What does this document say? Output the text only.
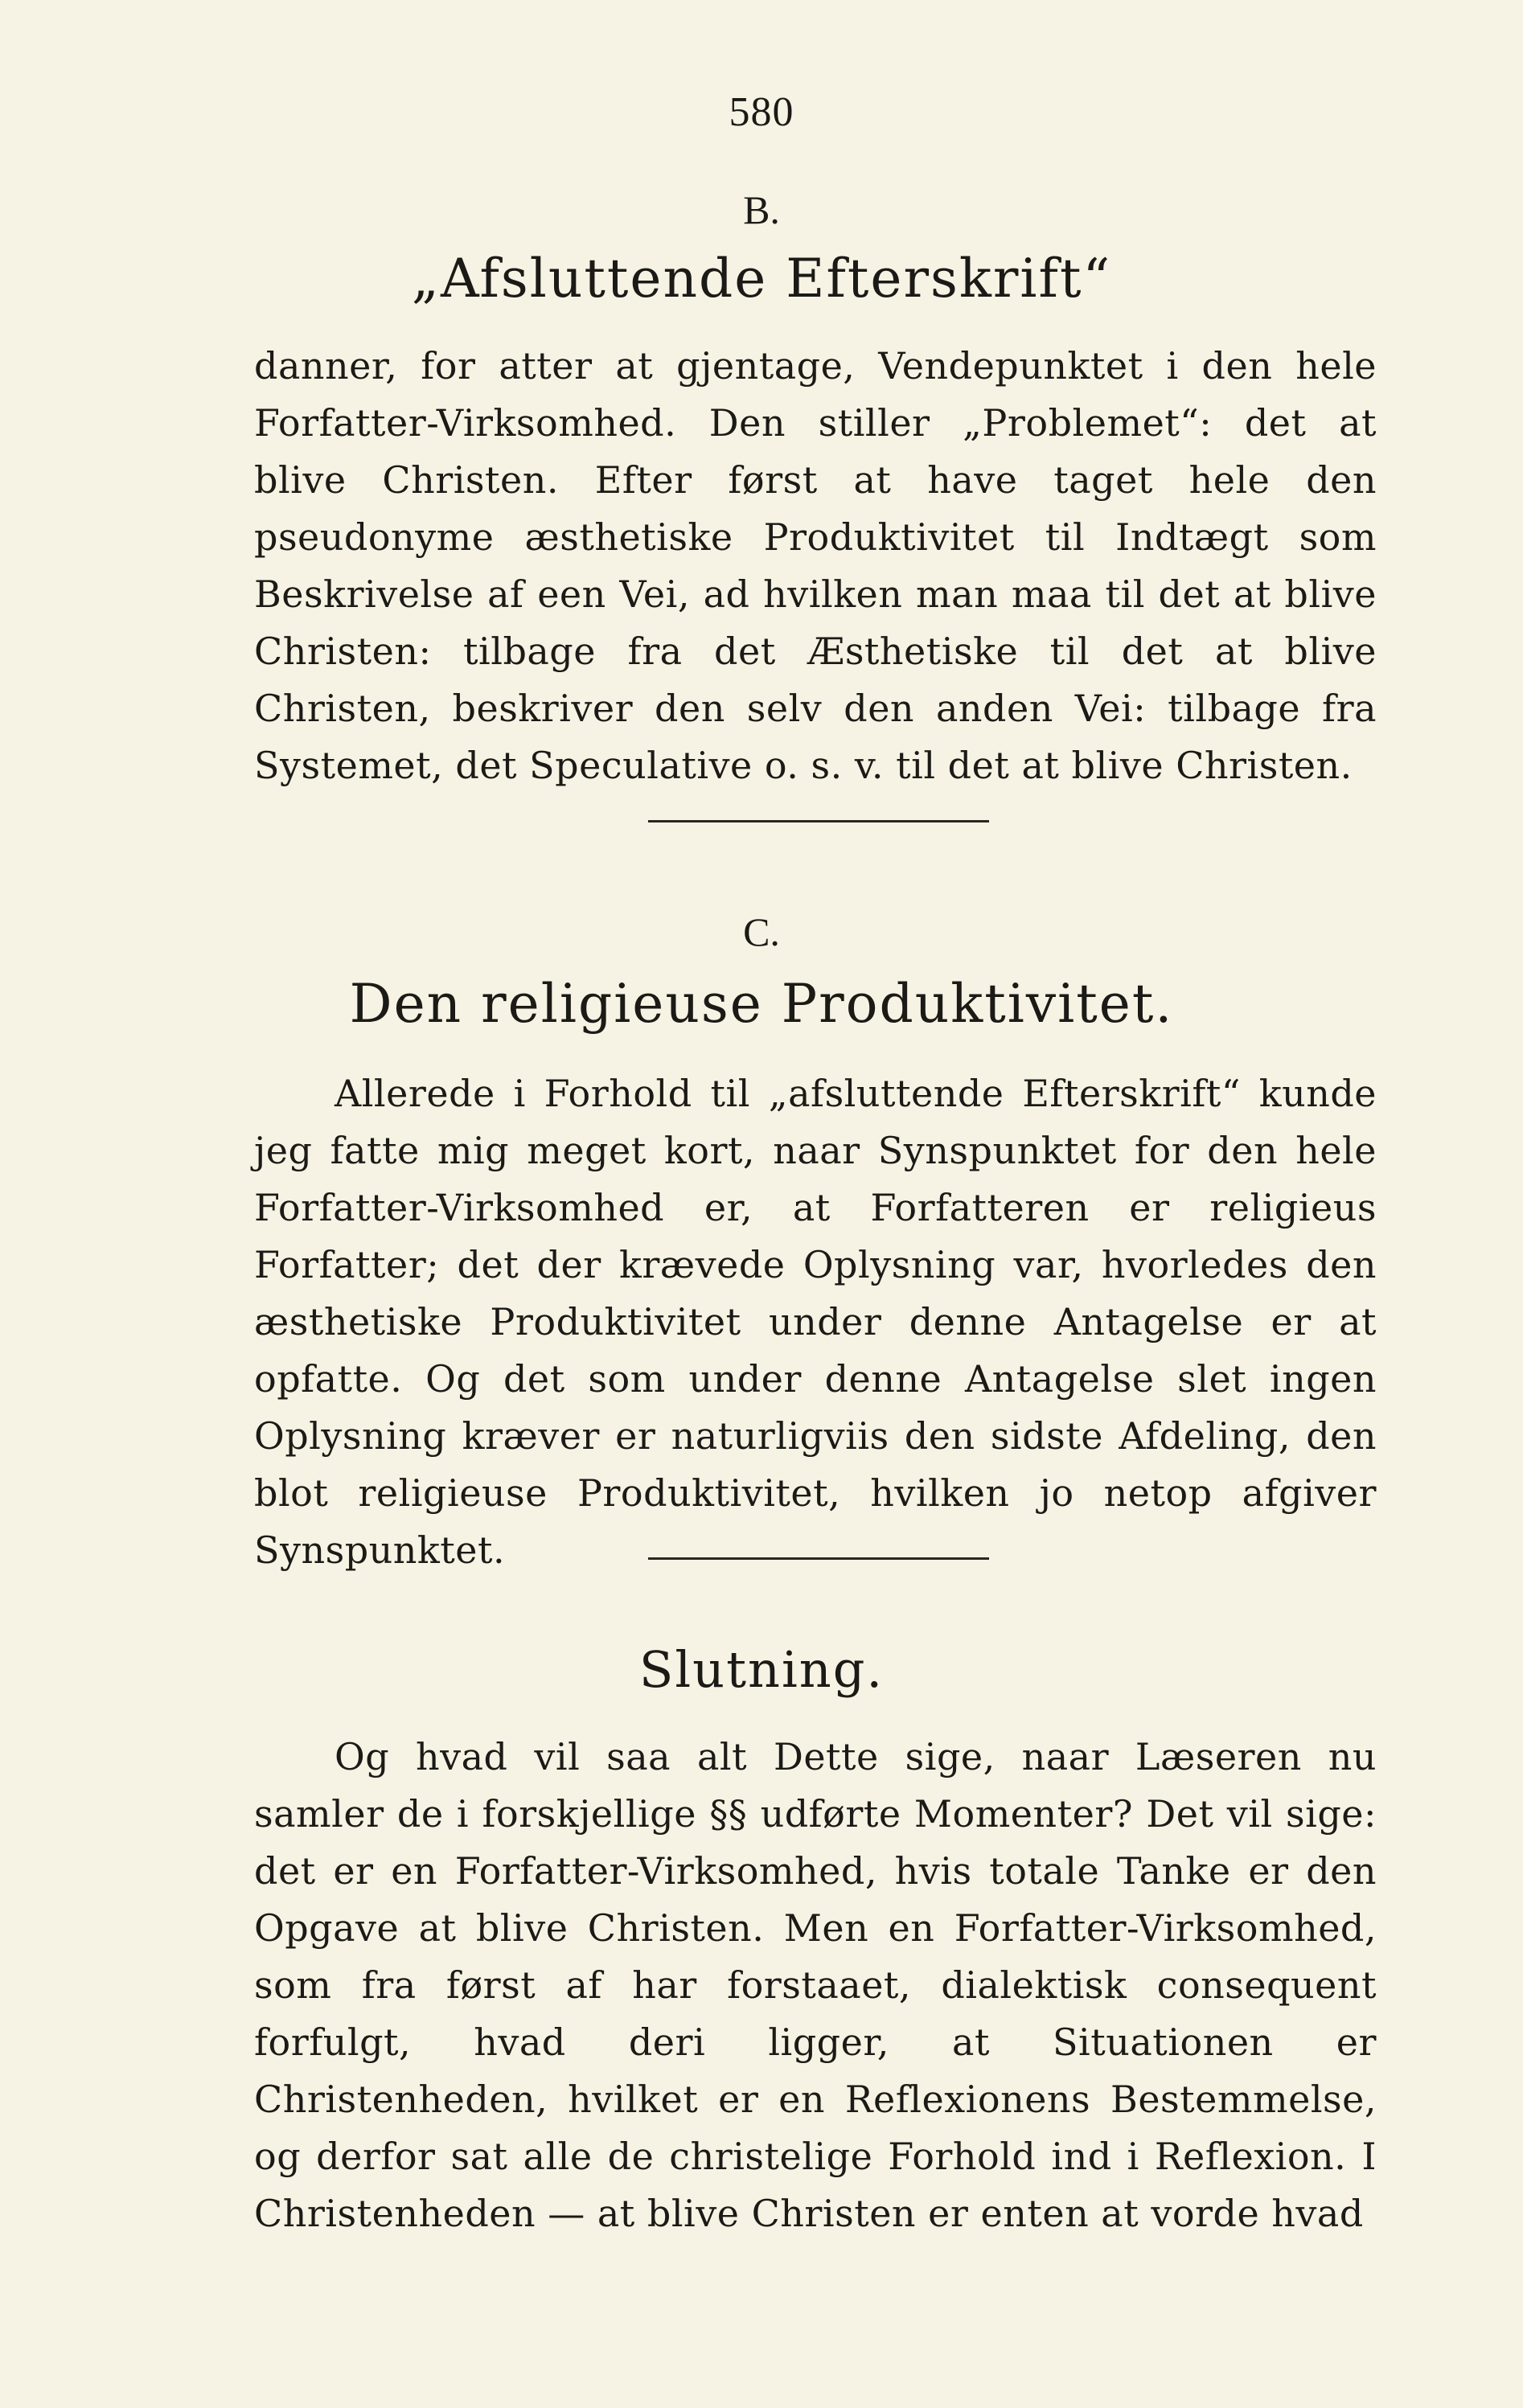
580
B.
„Afsluttende Efterskrift“
danner, for atter at gjentage, Vendepunktet i den hele Forfatter-Virksomhed. Den stiller „Problemet“: det at blive Christen. Efter først at have taget hele den pseudonyme æsthetiske Produktivitet til Indtægt som Beskrivelse af een Vei, ad hvilken man maa til det at blive Christen: tilbage fra det Æsthetiske til det at blive Christen, beskriver den selv den anden Vei: tilbage fra Systemet, det Speculative o. s. v. til det at blive Christen.
C.
Den religieuse Produktivitet.
Allerede i Forhold til „afsluttende Efterskrift“ kunde jeg fatte mig meget kort, naar Synspunktet for den hele Forfatter-Virksomhed er, at Forfatteren er religieus Forfatter; det der krævede Oplysning var, hvorledes den æsthetiske Produktivitet under denne Antagelse er at opfatte. Og det som under denne Antagelse slet ingen Oplysning kræver er naturligviis den sidste Afdeling, den blot religieuse Produktivitet, hvilken jo netop afgiver Synspunktet.
Slutning.
Og hvad vil saa alt Dette sige, naar Læseren nu samler de i forskjellige §§ udførte Momenter? Det vil sige: det er en Forfatter-Virksomhed, hvis totale Tanke er den Opgave at blive Christen. Men en Forfatter-Virksomhed, som fra først af har forstaaet, dialektisk consequent forfulgt, hvad deri ligger, at Situationen er Christenheden, hvilket er en Reflexionens Bestemmelse, og derfor sat alle de christelige Forhold ind i Reflexion. I Christenheden — at blive Christen er enten at vorde hvad
